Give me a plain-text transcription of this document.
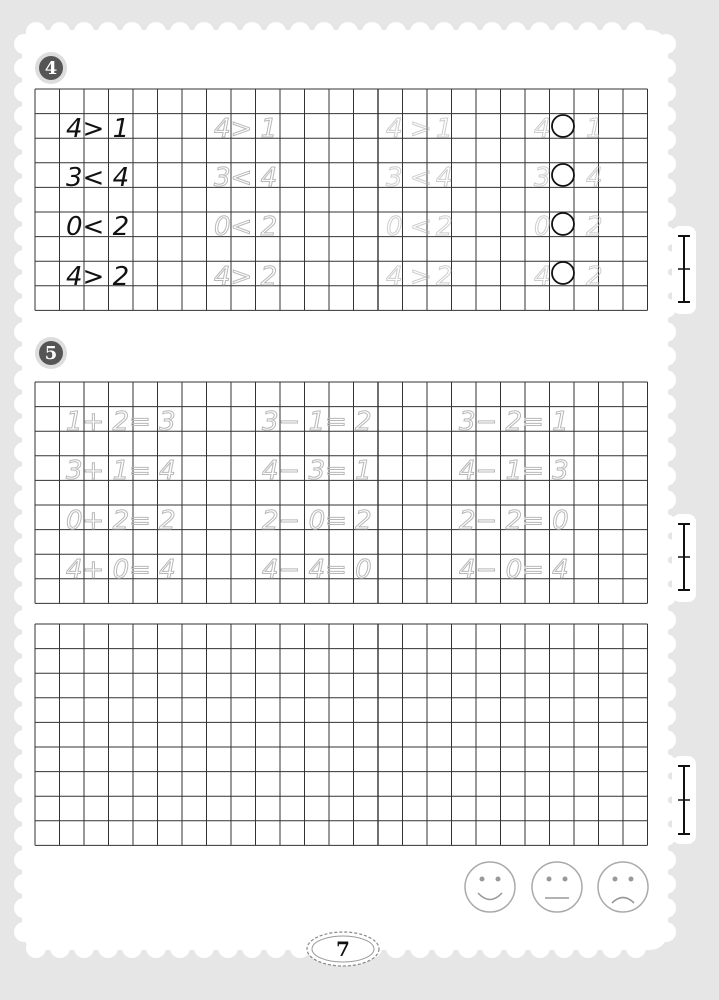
4
5
4> 1
3< 4
0< 2
4> 2
4> 1
3< 4
0< 2
4> 2
4 > 1
3 < 4
0 < 2
4 > 2
4 1
3 4
0 2
4 2
1+ 2= 3
3+ 1= 4
0+ 2= 2
4+ 0= 4
3− 1= 2
4− 3= 1
2− 0= 2
4− 4= 0
3− 2= 1
4− 1= 3
2− 2= 0
4− 0= 4
7
